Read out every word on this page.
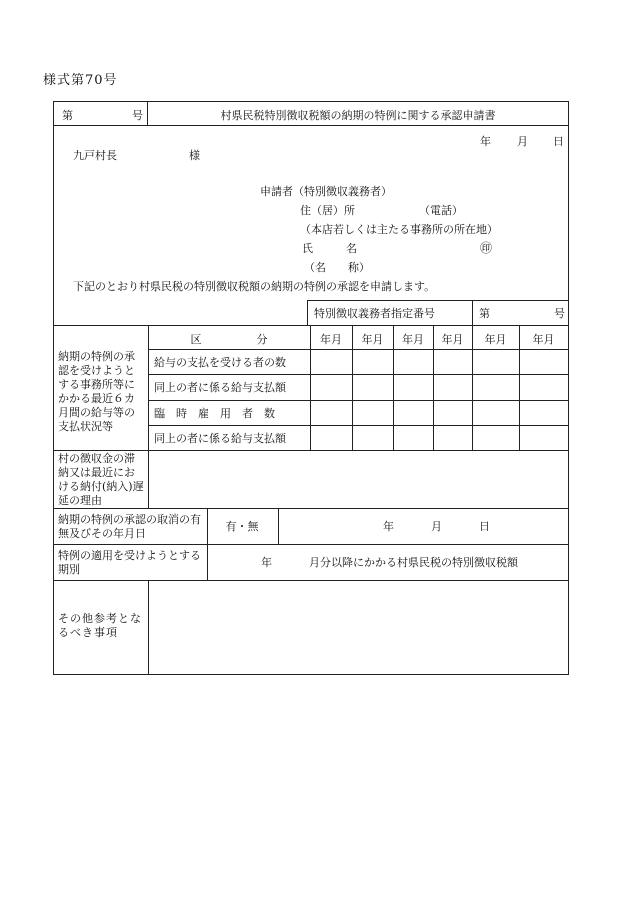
様式第70号
第	号	村県民税特別徴収税額の納期の特例に関する承認申請書
年 月 日
九戸村長	様
申請者（特別徴収義務者）
住（居）所	（電話）
（本店若しくは主たる事務所の所在地）
氏　　　名	㊞
（名　　称）
下記のとおり村県民税の特別徴収税額の納期の特例の承認を申請します。
特別徴収義務者指定番号	第	号
納期の特例の承認を受けようとする事務所等にかかる最近６カ月間の給与等の支払状況等
区　　　　　分	年月	年月	年月	年月	年月	年月
給与の支払を受ける者の数
同上の者に係る給与支払額
臨　時　雇　用　者　数
同上の者に係る給与支払額
村の徴収金の滞納又は最近における納付(納入)遅延の理由
納期の特例の承認の取消の有無及びその年月日
有・無	年	月	日
特例の適用を受けようとする期別
年	月分以降にかかる村県民税の特別徴収税額
その他参考となるべき事項
